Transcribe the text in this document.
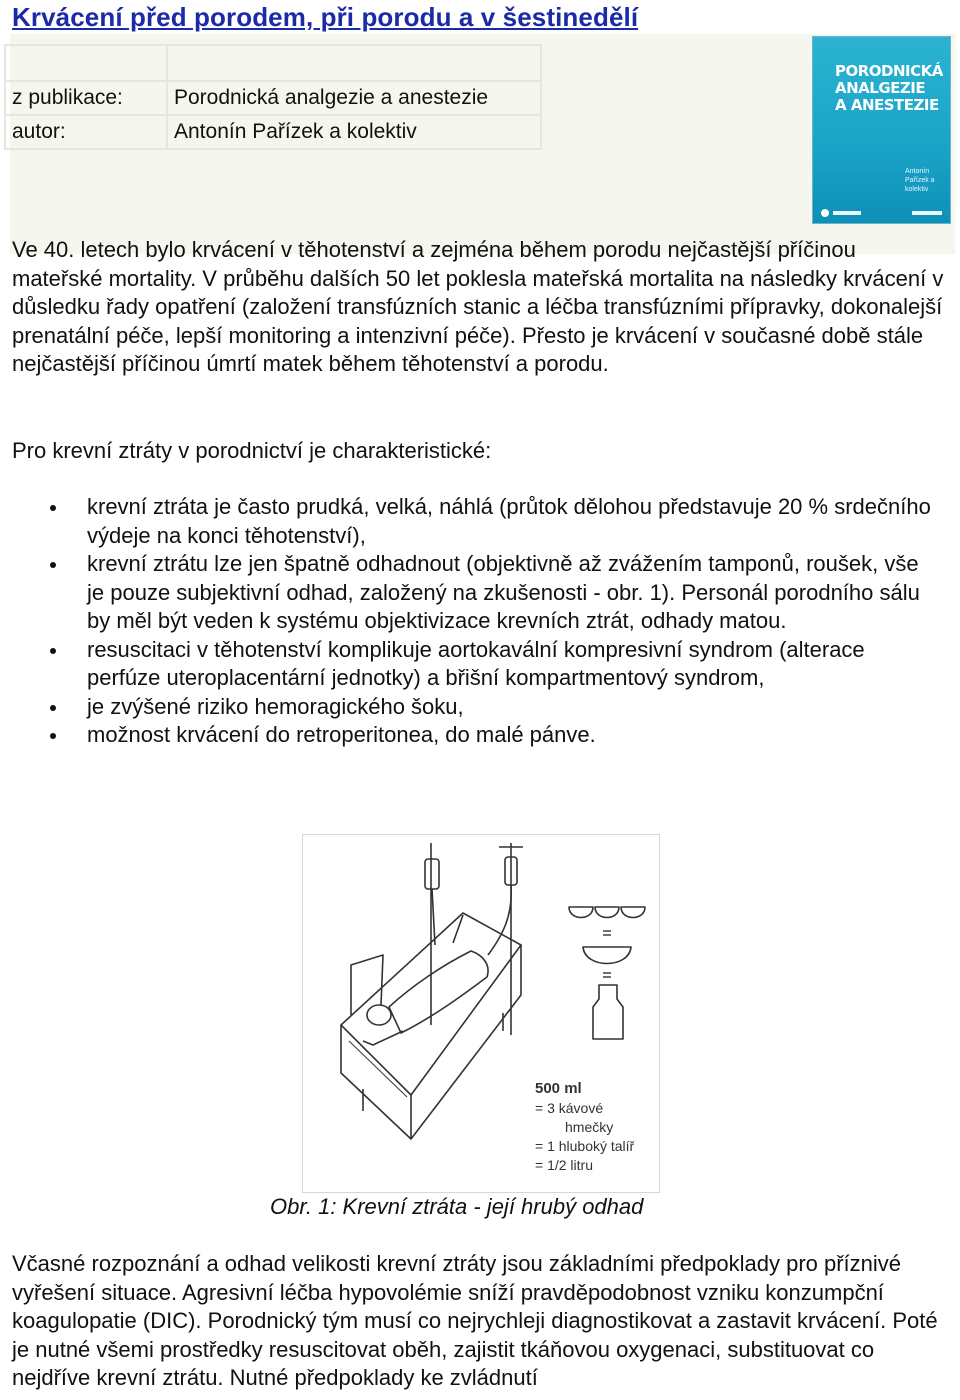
Krvácení před porodem, při porodu a v šestinedělí

z publikace:	Porodnická analgezie a anestezie
autor:	Antonín Pařízek a kolektiv
PORODNICKÁ
ANALGEZIE
A ANESTEZIE
Antonín Pařízek a kolektiv

Ve 40. letech bylo krvácení v těhotenství a zejména během porodu nejčastější příčinou mateřské mortality. V průběhu dalších 50 let poklesla mateřská mortalita na následky krvácení v důsledku řady opatření (založení transfúzních stanic a léčba transfúzními přípravky, dokonalejší prenatální péče, lepší monitoring a intenzivní péče). Přesto je krvácení v současné době stále nejčastější příčinou úmrtí matek během těhotenství a porodu.

Pro krevní ztráty v porodnictví je charakteristické:

krevní ztráta je často prudká, velká, náhlá (průtok dělohou představuje 20 % srdečního výdeje na konci těhotenství),
krevní ztrátu lze jen špatně odhadnout (objektivně až zvážením tamponů, roušek, vše je pouze subjektivní odhad, založený na zkušenosti - obr. 1). Personál porodního sálu by měl být veden k systému objektivizace krevních ztrát, odhady matou.
resuscitaci v těhotenství komplikuje aortokavální kompresivní syndrom (alterace perfúze uteroplacentární jednotky) a břišní kompartmentový syndrom,
je zvýšené riziko hemoragického šoku,
možnost krvácení do retroperitonea, do malé pánve.
500 ml
= 3 kávové
hmečky
= 1 hluboký talíř
= 1/2 litru
Obr. 1: Krevní ztráta - její hrubý odhad

Včasné rozpoznání a odhad velikosti krevní ztráty jsou základními předpoklady pro příznivé vyřešení situace. Agresivní léčba hypovolémie sníží pravděpodobnost vzniku konzumpční koagulopatie (DIC). Porodnický tým musí co nejrychleji diagnostikovat a zastavit krvácení. Poté je nutné všemi prostředky resuscitovat oběh, zajistit tkáňovou oxygenaci, substituovat co nejdříve krevní ztrátu. Nutné předpoklady ke zvládnutí
